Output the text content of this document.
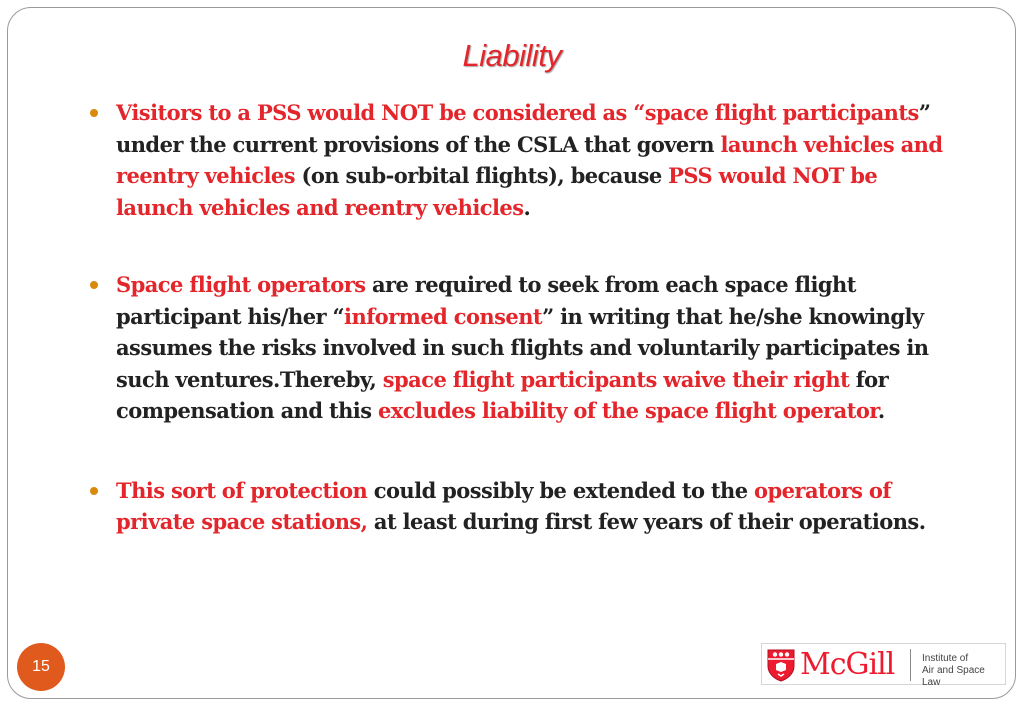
Liability
Visitors to a PSS would NOT be considered as “space flight participants” under the current provisions of the CSLA that govern launch vehicles and reentry vehicles (on sub-orbital flights), because PSS would NOT be launch vehicles and reentry vehicles.
Space flight operators are required to seek from each space flight participant his/her “informed consent” in writing that he/she knowingly assumes the risks involved in such flights and voluntarily participates in such ventures.Thereby, space flight participants waive their right for compensation and this excludes liability of the space flight operator.
This sort of protection could possibly be extended to the operators of private space stations, at least during first few years of their operations.
15	McGill	Institute of
Air and Space Law
